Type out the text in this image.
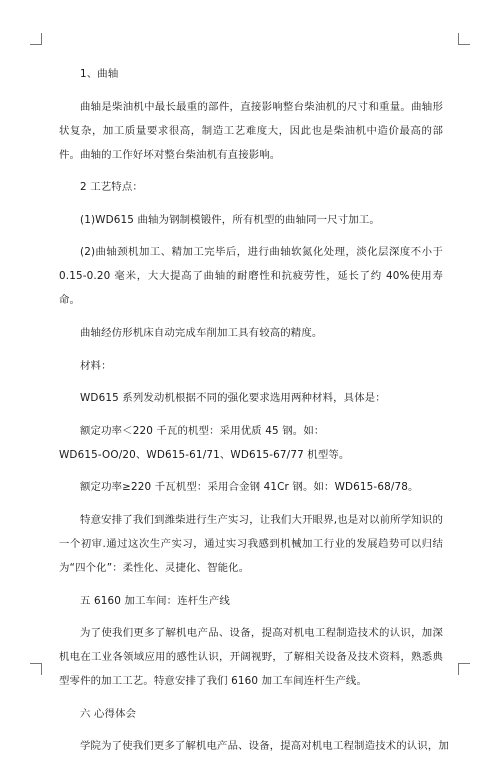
1、曲轴

曲轴是柴油机中最长最重的部件，直接影响整台柴油机的尺寸和重量。曲轴形状复杂，加工质量要求很高，制造工艺难度大，因此也是柴油机中造价最高的部件。曲轴的工作好坏对整台柴油机有直接影响。

2 工艺特点：

(1)WD615 曲轴为钢制模锻件，所有机型的曲轴同一尺寸加工。

(2)曲轴颈机加工、精加工完毕后，进行曲轴软氮化处理，淡化层深度不小于 0.15-0.20 毫米，大大提高了曲轴的耐磨性和抗疲劳性，延长了约 40%使用寿命。

曲轴经仿形机床自动完成车削加工具有较高的精度。

材料：

WD615 系列发动机根据不同的强化要求选用两种材料，具体是：

额定功率＜220 千瓦的机型：采用优质 45 钢。如：

WD615-OO/20、WD615-61/71、WD615-67/77 机型等。

额定功率≥220 千瓦机型：采用合金钢 41Cr 钢。如：WD615-68/78。

特意安排了我们到潍柴进行生产实习，让我们大开眼界,也是对以前所学知识的一个初审.通过这次生产实习，通过实习我感到机械加工行业的发展趋势可以归结为“四个化”：柔性化、灵捷化、智能化。

五 6160 加工车间：连杆生产线

为了使我们更多了解机电产品、设备，提高对机电工程制造技术的认识，加深机电在工业各领域应用的感性认识，开阔视野，了解相关设备及技术资料，熟悉典型零件的加工工艺。特意安排了我们 6160 加工车间连杆生产线。

六 心得体会

学院为了使我们更多了解机电产品、设备，提高对机电工程制造技术的认识，加
